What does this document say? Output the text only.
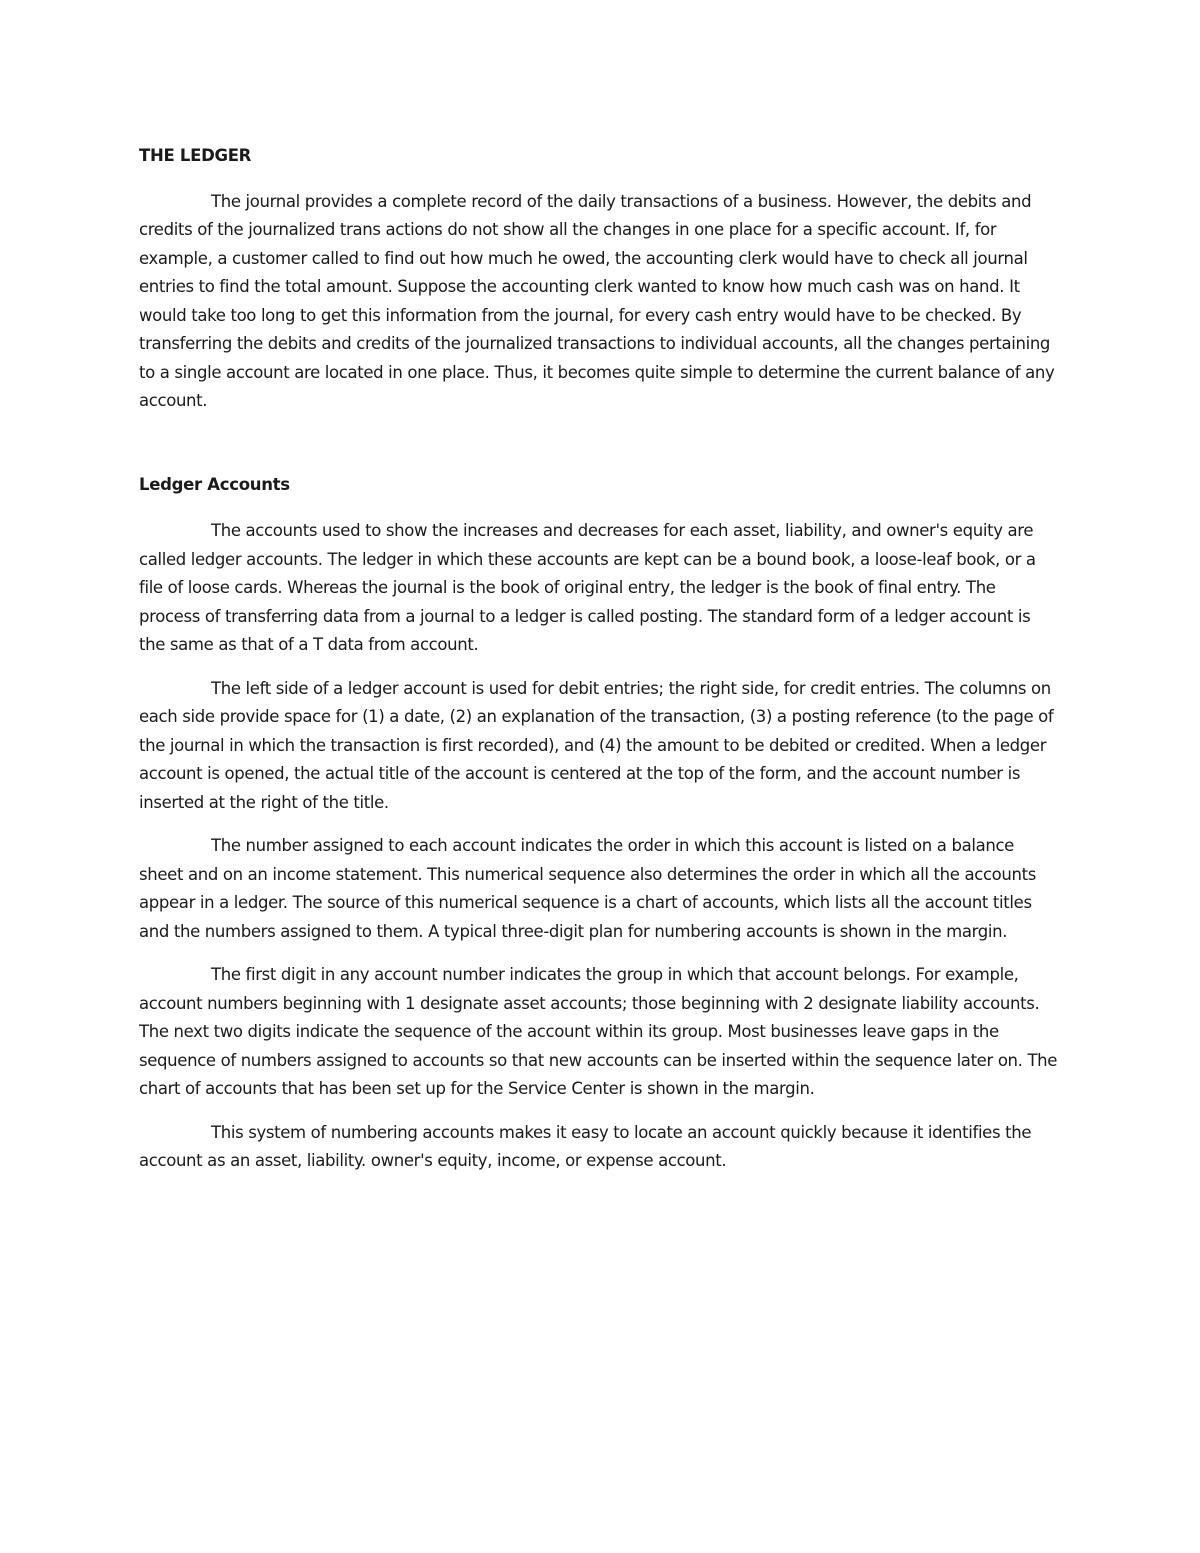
THE LEDGER

The journal provides a complete record of the daily transactions of a business. However, the debits and credits of the journalized trans actions do not show all the changes in one place for a specific account. If, for example, a customer called to find out how much he owed, the accounting clerk would have to check all journal entries to find the total amount. Suppose the accounting clerk wanted to know how much cash was on hand. It would take too long to get this information from the journal, for every cash entry would have to be checked. By transferring the debits and credits of the journalized transactions to individual accounts, all the changes pertaining to a single account are located in one place. Thus, it becomes quite simple to determine the current balance of any account.

Ledger Accounts

The accounts used to show the increases and decreases for each asset, liability, and owner's equity are called ledger accounts. The ledger in which these accounts are kept can be a bound book, a loose-leaf book, or a file of loose cards. Whereas the journal is the book of original entry, the ledger is the book of final entry. The process of transferring data from a journal to a ledger is called posting. The standard form of a ledger account is the same as that of a T data from account.

The left side of a ledger account is used for debit entries; the right side, for credit entries. The columns on each side provide space for (1) a date, (2) an explanation of the transaction, (3) a posting reference (to the page of the journal in which the transaction is first recorded), and (4) the amount to be debited or credited. When a ledger account is opened, the actual title of the account is centered at the top of the form, and the account number is inserted at the right of the title.

The number assigned to each account indicates the order in which this account is listed on a balance sheet and on an income statement. This numerical sequence also determines the order in which all the accounts appear in a ledger. The source of this numerical sequence is a chart of accounts, which lists all the account titles and the numbers assigned to them. A typical three-digit plan for numbering accounts is shown in the margin.

The first digit in any account number indicates the group in which that account belongs. For example, account numbers beginning with 1 designate asset accounts; those beginning with 2 designate liability accounts. The next two digits indicate the sequence of the account within its group. Most businesses leave gaps in the sequence of numbers assigned to accounts so that new accounts can be inserted within the sequence later on. The chart of accounts that has been set up for the Service Center is shown in the margin.

This system of numbering accounts makes it easy to locate an account quickly because it identifies the account as an asset, liability. owner's equity, income, or expense account.
